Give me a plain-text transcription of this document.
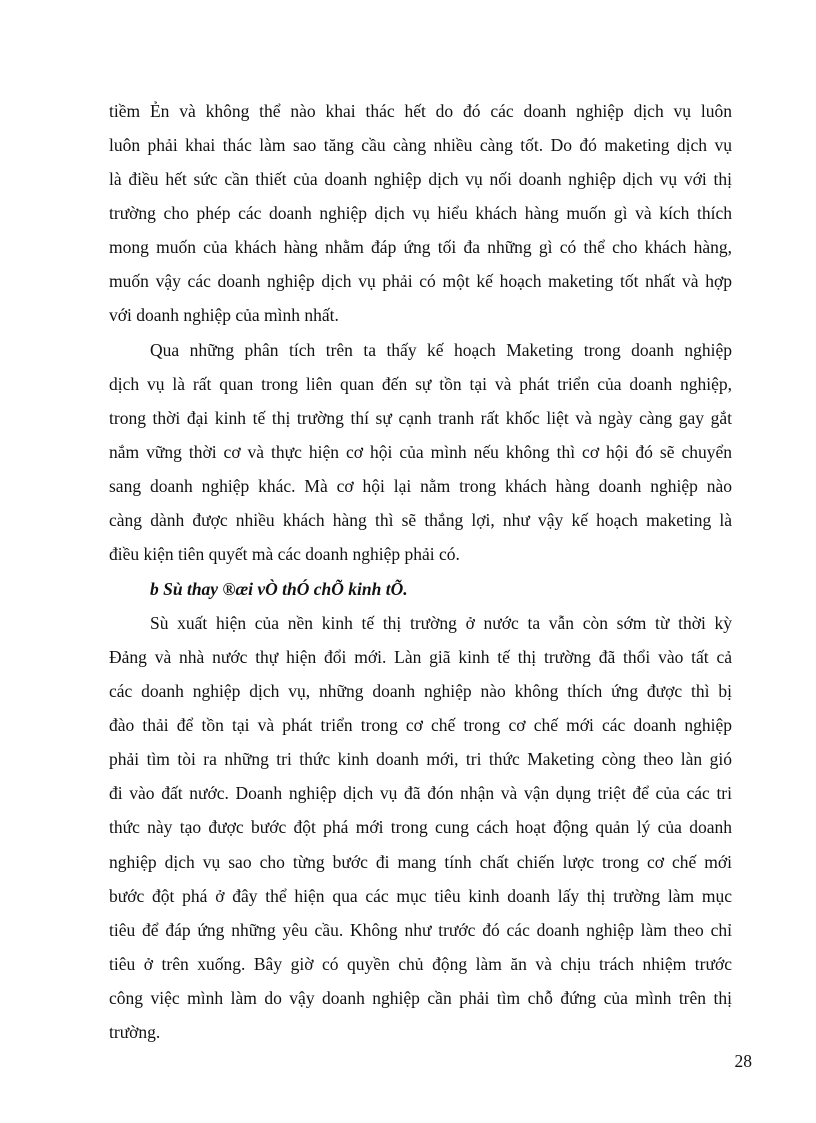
tiềm Ẻn và không thể nào khai thác hết do đó các doanh nghiệp dịch vụ luôn

luôn phải khai thác làm sao tăng cầu càng nhiều càng tốt. Do đó maketing dịch vụ

là điều hết sức cần thiết của doanh nghiệp dịch vụ nối doanh nghiệp dịch vụ với thị

trường cho phép các doanh nghiệp dịch vụ hiểu khách hàng muốn gì và kích thích

mong muốn của khách hàng nhằm đáp ứng tối đa những gì có thể cho khách hàng,

muốn vậy các doanh nghiệp dịch vụ phải có một kế hoạch maketing tốt nhất và hợp

với doanh nghiệp của mình nhất.

Qua những phân tích trên ta thấy kế hoạch Maketing trong doanh nghiệp

dịch vụ là rất quan trong liên quan đến sự tồn tại và phát triển của doanh nghiệp,

trong thời đại kinh tế thị trường thí sự cạnh tranh rất khốc liệt và ngày càng gay gắt

nắm vững thời cơ và thực hiện cơ hội của mình nếu không thì cơ hội đó sẽ chuyển

sang doanh nghiệp khác. Mà cơ hội lại nằm trong khách hàng doanh nghiệp nào

càng dành được nhiều khách hàng thì sẽ thắng lợi, như vậy kế hoạch maketing là

điều kiện tiên quyết mà các doanh nghiệp phải có.

b Sù thay ®æi vÒ thÓ chÕ kinh tÕ.

Sù xuất hiện của nền kinh tế thị trường ở nước ta vẫn còn sớm từ thời kỳ

Đảng và nhà nước thự hiện đổi mới. Làn giã kinh tế thị trường đã thổi vào tất cả

các doanh nghiệp dịch vụ, những doanh nghiệp nào không thích ứng được thì bị

đào thải để tồn tại và phát triển trong cơ chế trong cơ chế mới các doanh nghiệp

phải tìm tòi ra những tri thức kinh doanh mới, tri thức Maketing còng theo làn gió

đi vào đất nước. Doanh nghiệp dịch vụ đã đón nhận và vận dụng triệt để của các tri

thức này tạo được bước đột phá mới trong cung cách hoạt động quản lý của doanh

nghiệp dịch vụ sao cho từng bước đi mang tính chất chiến lược trong cơ chế mới

bước đột phá ở đây thể hiện qua các mục tiêu kinh doanh lấy thị trường làm mục

tiêu để đáp ứng những yêu cầu. Không như trước đó các doanh nghiệp làm theo chỉ

tiêu ở trên xuống. Bây giờ có quyền chủ động làm ăn và chịu trách nhiệm trước

công việc mình làm do vậy doanh nghiệp cần phải tìm chỗ đứng của mình trên thị

trường.

28
